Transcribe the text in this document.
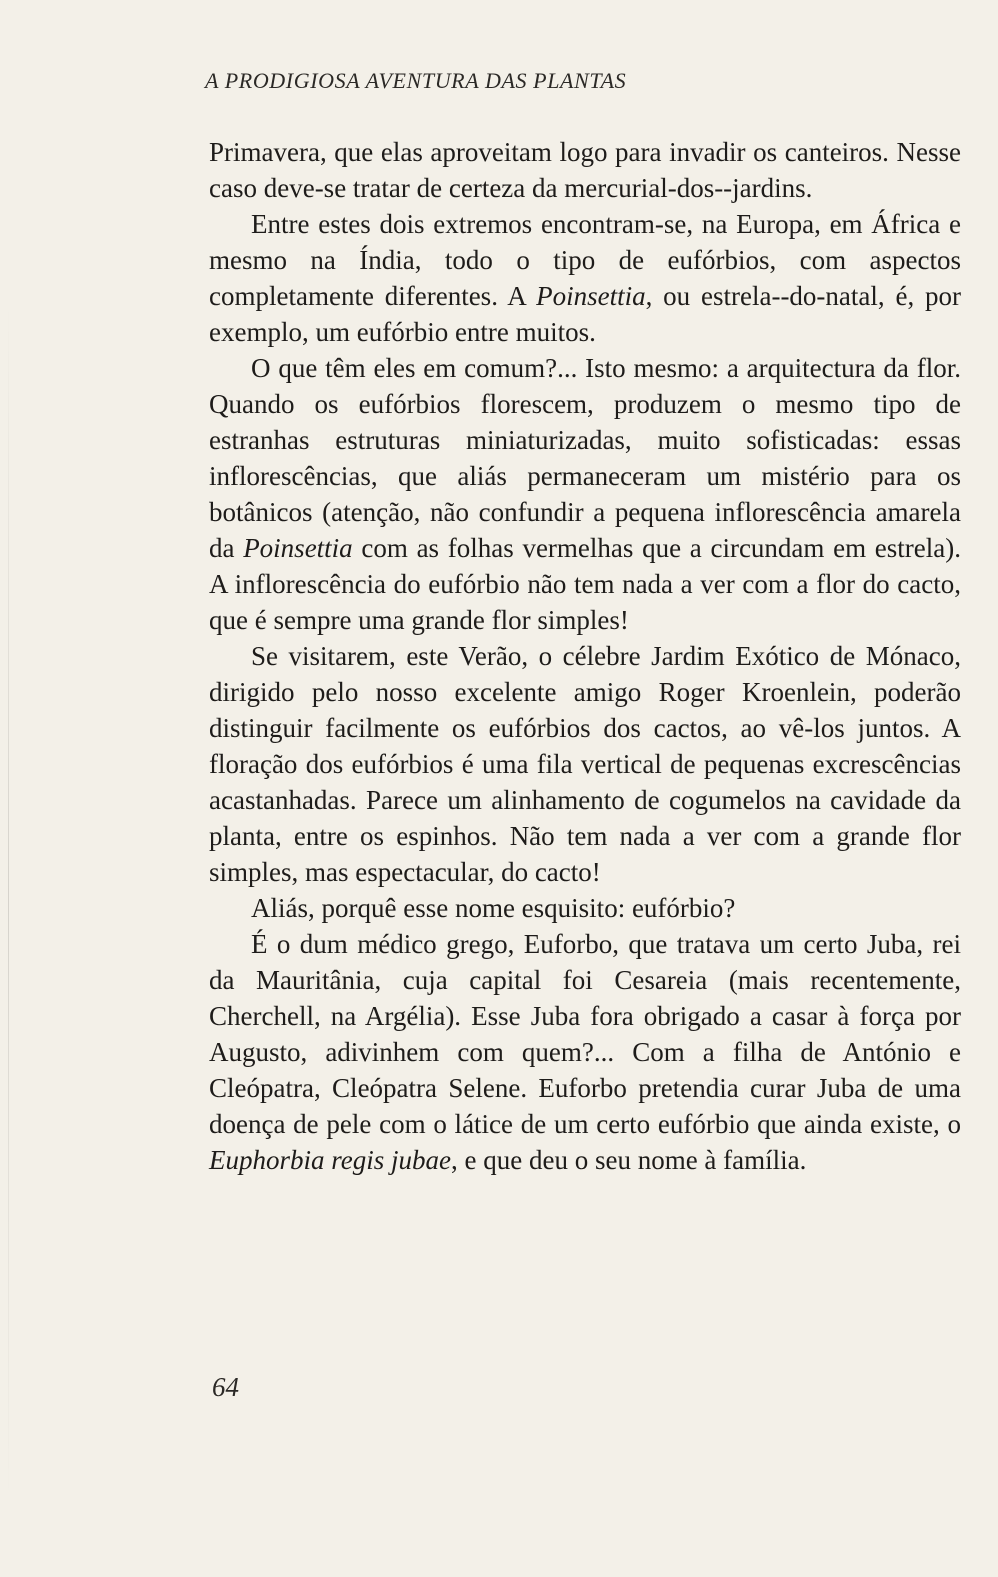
A PRODIGIOSA AVENTURA DAS PLANTAS

Primavera, que elas aproveitam logo para invadir os canteiros. Nesse caso deve-se tratar de certeza da mercurial-dos--jardins.

Entre estes dois extremos encontram-se, na Europa, em África e mesmo na Índia, todo o tipo de eufórbios, com aspectos completamente diferentes. A Poinsettia, ou estrela--do-natal, é, por exemplo, um eufórbio entre muitos.

O que têm eles em comum?... Isto mesmo: a arquitectura da flor. Quando os eufórbios florescem, produzem o mesmo tipo de estranhas estruturas miniaturizadas, muito sofisticadas: essas inflorescências, que aliás permaneceram um mistério para os botânicos (atenção, não confundir a pequena inflorescência amarela da Poinsettia com as folhas vermelhas que a circundam em estrela). A inflorescência do eufórbio não tem nada a ver com a flor do cacto, que é sempre uma grande flor simples!

Se visitarem, este Verão, o célebre Jardim Exótico de Mónaco, dirigido pelo nosso excelente amigo Roger Kroenlein, poderão distinguir facilmente os eufórbios dos cactos, ao vê-los juntos. A floração dos eufórbios é uma fila vertical de pequenas excrescências acastanhadas. Parece um alinhamento de cogumelos na cavidade da planta, entre os espinhos. Não tem nada a ver com a grande flor simples, mas espectacular, do cacto!

Aliás, porquê esse nome esquisito: eufórbio?

É o dum médico grego, Euforbo, que tratava um certo Juba, rei da Mauritânia, cuja capital foi Cesareia (mais recentemente, Cherchell, na Argélia). Esse Juba fora obrigado a casar à força por Augusto, adivinhem com quem?... Com a filha de António e Cleópatra, Cleópatra Selene. Euforbo pretendia curar Juba de uma doença de pele com o látice de um certo eufórbio que ainda existe, o Euphorbia regis jubae, e que deu o seu nome à família.

64
